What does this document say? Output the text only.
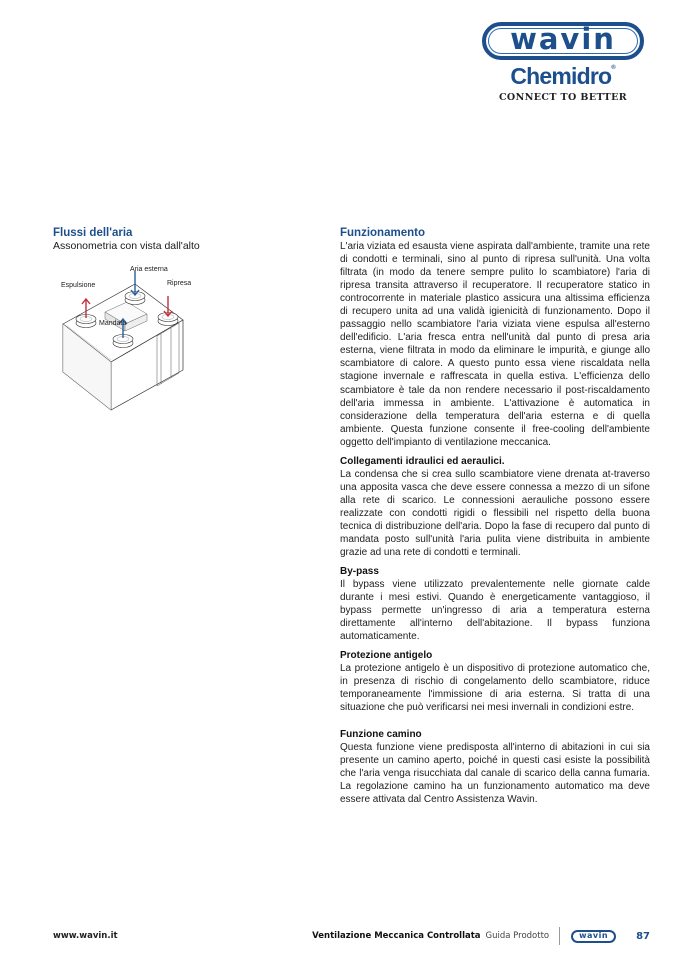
wavin
Chemidro®
CONNECT TO BETTER
Flussi dell'aria
Assonometria con vista dall'alto
Aria esterna
Espulsione	Ripresa
Mandata
Funzionamento

L'aria viziata ed esausta viene aspirata dall'ambiente, tramite una rete di condotti e terminali, sino al punto di ripresa sull'unità. Una volta filtrata (in modo da tenere sempre pulito lo scambiatore) l'aria di ripresa transita attraverso il recuperatore. Il recuperatore statico in controcorrente in materiale plastico assicura una altissima efficienza di recupero unita ad una validà igienicità di funzionamento. Dopo il passaggio nello scambiatore l'aria viziata viene espulsa all'esterno dell'edificio. L'aria fresca entra nell'unità dal punto di presa aria esterna, viene filtrata in modo da eliminare le impurità, e giunge allo scambiatore di calore. A questo punto essa viene riscaldata nella stagione invernale e raffrescata in quella estiva. L'efficienza dello scambiatore è tale da non rendere necessario il post-riscaldamento dell'aria immessa in ambiente. L'attivazione è automatica in considerazione della temperatura dell'aria esterna e di quella ambiente. Questa funzione consente il free-cooling dell'ambiente oggetto dell'impianto di ventilazione meccanica.

Collegamenti idraulici ed aeraulici.

La condensa che si crea sullo scambiatore viene drenata at-traverso una apposita vasca che deve essere connessa a mezzo di un sifone alla rete di scarico. Le connessioni aerauliche possono essere realizzate con condotti rigidi o flessibili nel rispetto della buona tecnica di distribuzione dell'aria. Dopo la fase di recupero dal punto di mandata posto sull'unità l'aria pulita viene distribuita in ambiente grazie ad una rete di condotti e terminali.

By-pass

Il bypass viene utilizzato prevalentemente nelle giornate calde durante i mesi estivi. Quando è energeticamente vantaggioso, il bypass permette un'ingresso di aria a temperatura esterna direttamente all'interno dell'abitazione. Il bypass funziona automaticamente.

Protezione antigelo

La protezione antigelo è un dispositivo di protezione automatico che, in presenza di rischio di congelamento dello scambiatore, riduce temporaneamente l'immissione di aria esterna. Si tratta di una situazione che può verificarsi nei mesi invernali in condizioni estre.

Funzione camino

Questa funzione viene predisposta all'interno di abitazioni in cui sia presente un camino aperto, poiché in questi casi esiste la possibilità che l'aria venga risucchiata dal canale di scarico della canna fumaria. La regolazione camino ha un funzionamento automatico ma deve essere attivata dal Centro Assistenza Wavin.

www.wavin.it	Ventilazione Meccanica Controllata Guida Prodotto	wavin	87
